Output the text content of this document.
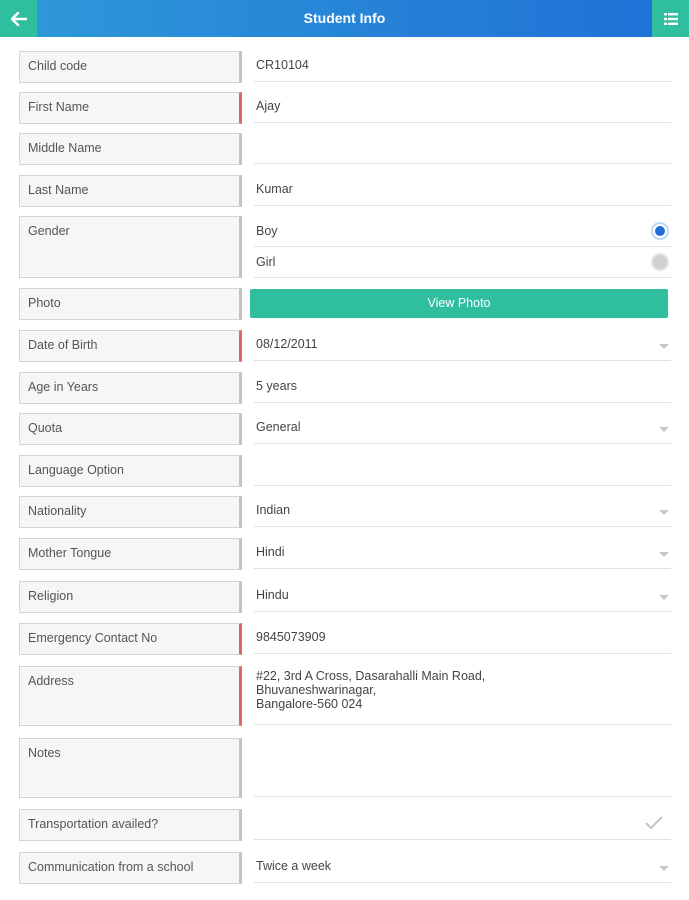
Student Info
Child code	CR10104
First Name	Ajay
Middle Name
Last Name	Kumar
Gender	Boy
Girl
Photo	View Photo
Date of Birth	08/12/2011
Age in Years	5 years
Quota	General
Language Option
Nationality	Indian
Mother Tongue	Hindi
Religion	Hindu
Emergency Contact No	9845073909
Address	#22, 3rd A Cross, Dasarahalli Main Road,
Bhuvaneshwarinagar,
Bangalore-560 024
Notes
Transportation availed?
Communication from a school	Twice a week
